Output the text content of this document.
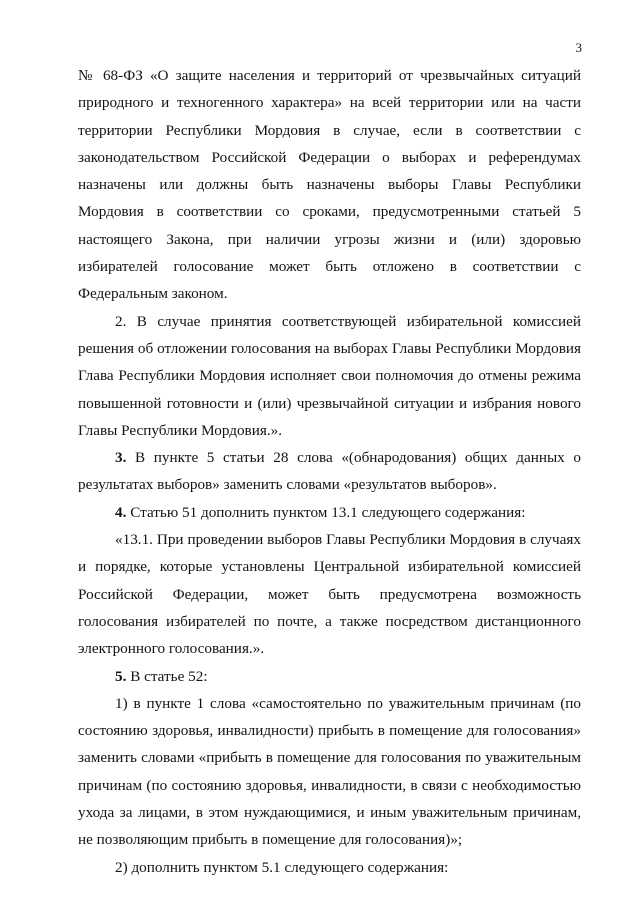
3

№ 68-ФЗ «О защите населения и территорий от чрезвычайных ситуаций природного и техногенного характера» на всей территории или на части территории Республики Мордовия в случае, если в соответствии с законодательством Российской Федерации о выборах и референдумах назначены или должны быть назначены выборы Главы Республики Мордовия в соответствии со сроками, предусмотренными статьей 5 настоящего Закона, при наличии угрозы жизни и (или) здоровью избирателей голосование может быть отложено в соответствии с Федеральным законом.

2. В случае принятия соответствующей избирательной комиссией решения об отложении голосования на выборах Главы Республики Мордовия Глава Республики Мордовия исполняет свои полномочия до отмены режима повышенной готовности и (или) чрезвычайной ситуации и избрания нового Главы Республики Мордовия.».

3. В пункте 5 статьи 28 слова «(обнародования) общих данных о результатах выборов» заменить словами «результатов выборов».

4. Статью 51 дополнить пунктом 13.1 следующего содержания:

«13.1. При проведении выборов Главы Республики Мордовия в случаях и порядке, которые установлены Центральной избирательной комиссией Российской Федерации, может быть предусмотрена возможность голосования избирателей по почте, а также посредством дистанционного электронного голосования.».

5. В статье 52:

1) в пункте 1 слова «самостоятельно по уважительным причинам (по состоянию здоровья, инвалидности) прибыть в помещение для голосования» заменить словами «прибыть в помещение для голосования по уважительным причинам (по состоянию здоровья, инвалидности, в связи с необходимостью ухода за лицами, в этом нуждающимися, и иным уважительным причинам, не позволяющим прибыть в помещение для голосования)»;

2) дополнить пунктом 5.1 следующего содержания:
